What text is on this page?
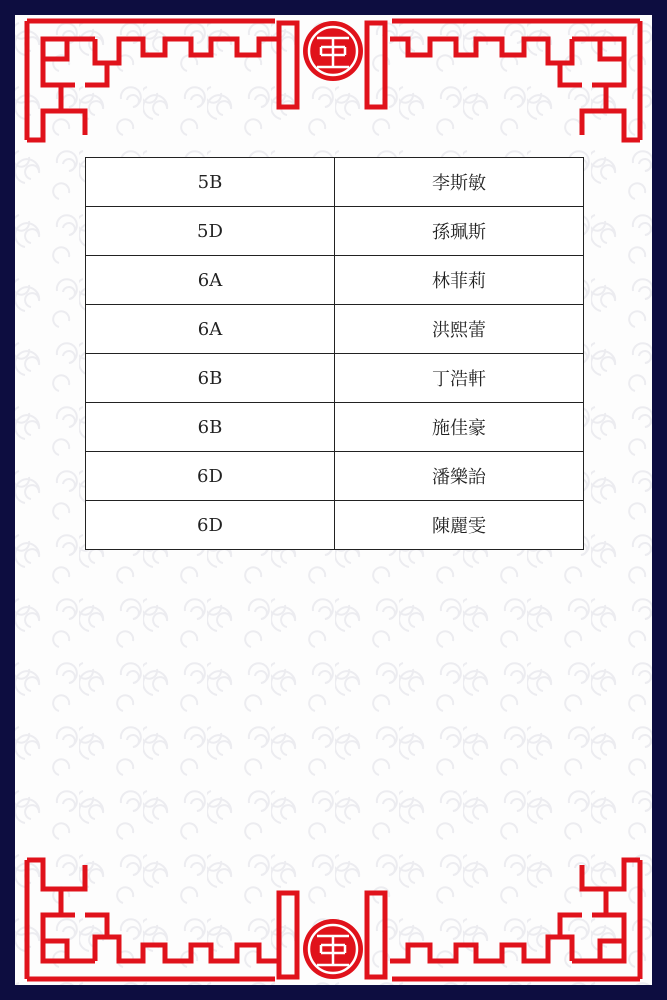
5B	李斯敏
5D	孫珮斯
6A	林菲莉
6A	洪熙蕾
6B	丁浩軒
6B	施佳豪
6D	潘樂詒
6D	陳麗雯
